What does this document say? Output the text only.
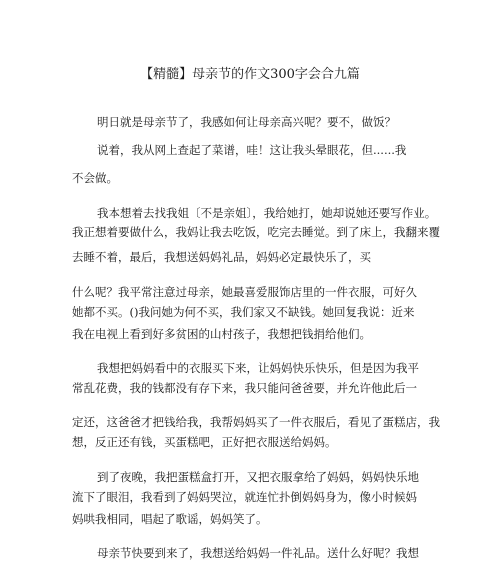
【精髓】母亲节的作文300字会合九篇
明日就是母亲节了，我感如何让母亲高兴呢？要不，做饭？
说着，我从网上查起了菜谱，哇！这让我头晕眼花，但......我
不会做。
我本想着去找我姐〔不是亲姐〕，我给她打，她却说她还要写作业。
我正想着要做什么，我妈让我去吃饭，吃完去睡觉。到了床上，我翻来覆
去睡不着，最后，我想送妈妈礼品，妈妈必定最快乐了，买
什么呢？我平常注意过母亲，她最喜爱服饰店里的一件衣服，可好久
她都不买。()我问她为何不买，我们家又不缺钱。她回复我说：近来
我在电视上看到好多贫困的山村孩子，我想把钱捐给他们。
我想把妈妈看中的衣服买下来，让妈妈快乐快乐，但是因为我平
常乱花费，我的钱都没有存下来，我只能问爸爸要，并允许他此后一
定还，这爸爸才把钱给我，我帮妈妈买了一件衣服后，看见了蛋糕店，我
想，反正还有钱，买蛋糕吧，正好把衣服送给妈妈。
到了夜晚，我把蛋糕盒打开，又把衣服拿给了妈妈，妈妈快乐地
流下了眼泪，我看到了妈妈哭泣，就连忙扑倒妈妈身为，像小时候妈
妈哄我相同，唱起了歌谣，妈妈笑了。
母亲节快要到来了，我想送给妈妈一件礼品。送什么好呢？我想
